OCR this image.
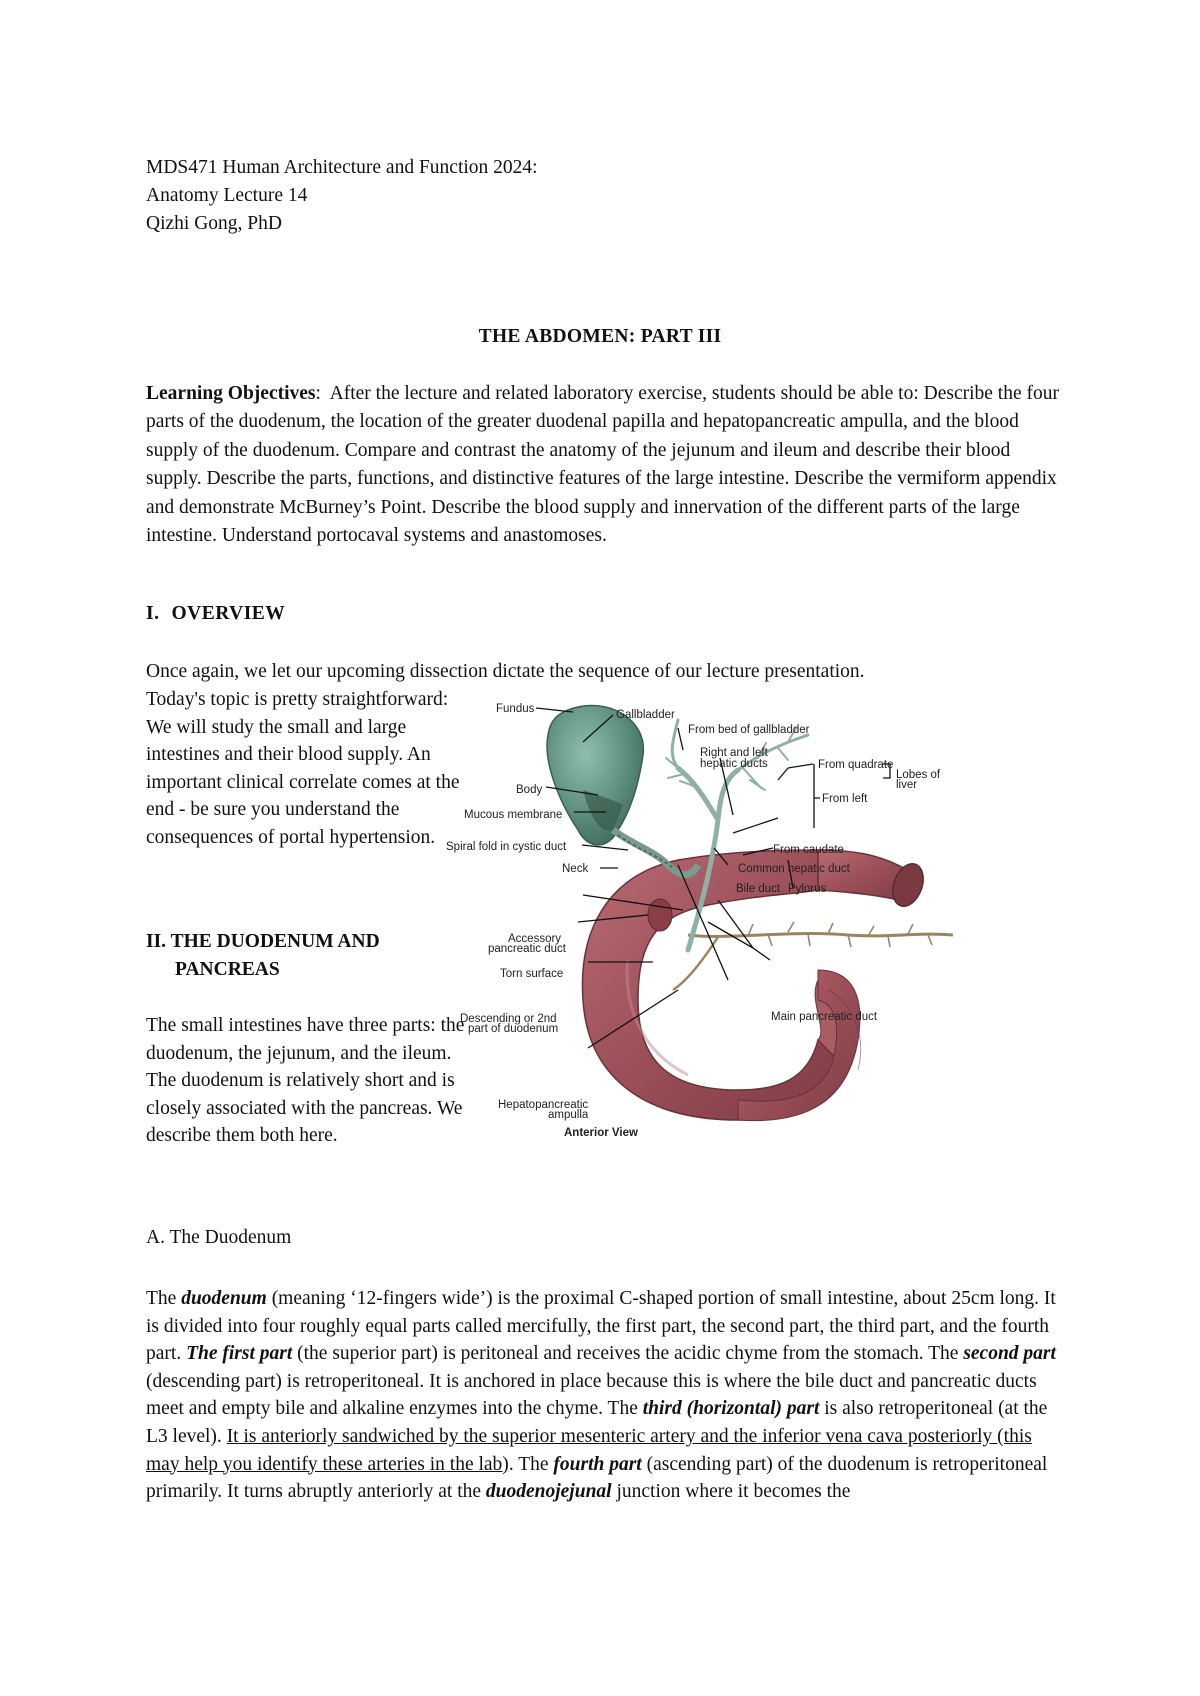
MDS471 Human Architecture and Function 2024:
Anatomy Lecture 14
Qizhi Gong, PhD
THE ABDOMEN: PART III
Learning Objectives: After the lecture and related laboratory exercise, students should be able to: Describe the four parts of the duodenum, the location of the greater duodenal papilla and hepatopancreatic ampulla, and the blood supply of the duodenum. Compare and contrast the anatomy of the jejunum and ileum and describe their blood supply. Describe the parts, functions, and distinctive features of the large intestine. Describe the vermiform appendix and demonstrate McBurney’s Point. Describe the blood supply and innervation of the different parts of the large intestine. Understand portocaval systems and anastomoses.
I. OVERVIEW
Once again, we let our upcoming dissection dictate the sequence of our lecture presentation.
Today's topic is pretty straightforward: We will study the small and large intestines and their blood supply. An important clinical correlate comes at the end - be sure you understand the consequences of portal hypertension.
II. THE DUODENUM AND
PANCREAS
The small intestines have three parts: the duodenum, the jejunum, and the ileum. The duodenum is relatively short and is closely associated with the pancreas. We describe them both here.
A. The Duodenum
The duodenum (meaning ‘12-fingers wide’) is the proximal C-shaped portion of small intestine, about 25cm long. It is divided into four roughly equal parts called mercifully, the first part, the second part, the third part, and the fourth part. The first part (the superior part) is peritoneal and receives the acidic chyme from the stomach. The second part (descending part) is retroperitoneal. It is anchored in place because this is where the bile duct and pancreatic ducts meet and empty bile and alkaline enzymes into the chyme. The third (horizontal) part is also retroperitoneal (at the L3 level). It is anteriorly sandwiched by the superior mesenteric artery and the inferior vena cava posteriorly (this may help you identify these arteries in the lab). The fourth part (ascending part) of the duodenum is retroperitoneal primarily. It turns abruptly anteriorly at the duodenojejunal junction where it becomes the
Fundus	Gallbladder
From bed of gallbladder
Right and left
hepatic ducts	From quadrate
Lobes of
liver
From left
Body
Mucous membrane
Spiral fold in cystic duct	From caudate
Neck	Common hepatic duct
Bile duct Pylorus
Accessory
pancreatic duct
Torn surface
Descending or 2nd
part of duodenum
Main pancreatic duct
Hepatopancreatic
ampulla
Anterior View
